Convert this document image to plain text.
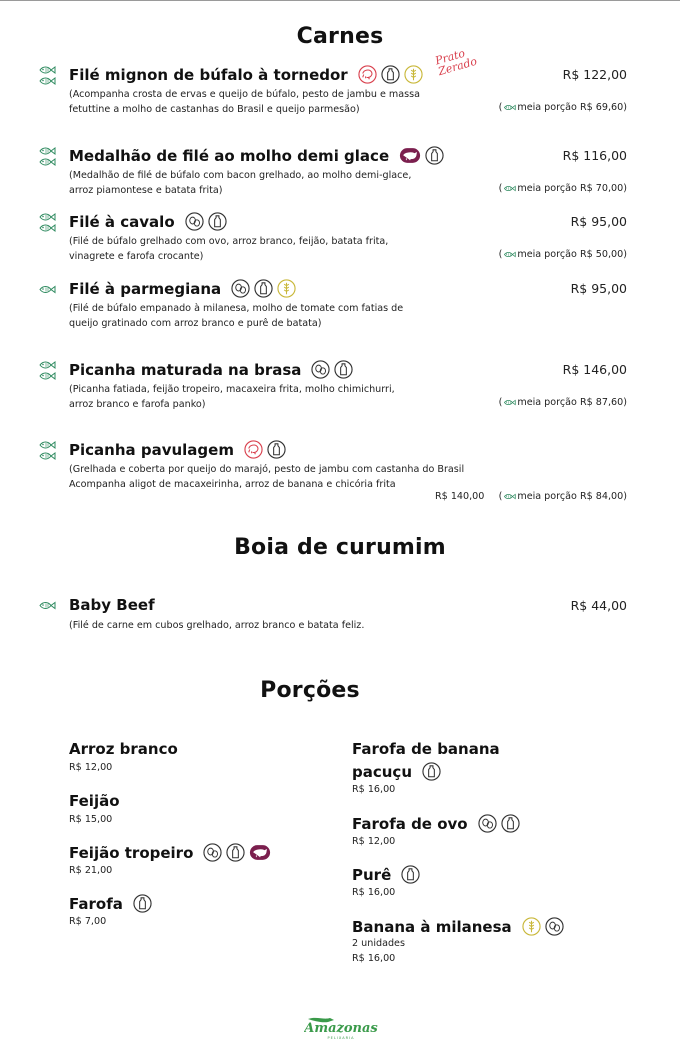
Carnes
Prato Zerado
Filé mignon de búfalo à tornedor	R$ 122,00
(Acompanha crosta de ervas e queijo de búfalo, pesto de jambu e massa
fetuttine a molho de castanhas do Brasil e queijo parmesão)	( meia porção R$ 69,60 )
Medalhão de filé ao molho demi glace	R$ 116,00
(Medalhão de filé de búfalo com bacon grelhado, ao molho demi-glace,
arroz piamontese e batata frita)	( meia porção R$ 70,00 )
Filé à cavalo	R$ 95,00
(Filé de búfalo grelhado com ovo, arroz branco, feijão, batata frita,
vinagrete e farofa crocante)	( meia porção R$ 50,00 )
Filé à parmegiana	R$ 95,00
(Filé de búfalo empanado à milanesa, molho de tomate com fatias de
queijo gratinado com arroz branco e purê de batata)
Picanha maturada na brasa	R$ 146,00
(Picanha fatiada, feijão tropeiro, macaxeira frita, molho chimichurri,
arroz branco e farofa panko)	( meia porção R$ 87,60 )
Picanha pavulagem
(Grelhada e coberta por queijo do marajó, pesto de jambu com castanha do Brasil
Acompanha aligot de macaxeirinha, arroz de banana e chicória frita
R$ 140,00 ( meia porção R$ 84,00 )
Boia de curumim
Baby Beef	R$ 44,00
(Filé de carne em cubos grelhado, arroz branco e batata feliz.
Porções
Arroz branco
R$ 12,00
Feijão
R$ 15,00
Feijão tropeiro
R$ 21,00
Farofa
R$ 7,00
Farofa de banana
pacuçu
R$ 16,00
Farofa de ovo
R$ 12,00
Purê
R$ 16,00
Banana à milanesa
2 unidades
R$ 16,00
Amazonas
PELIXARIA
